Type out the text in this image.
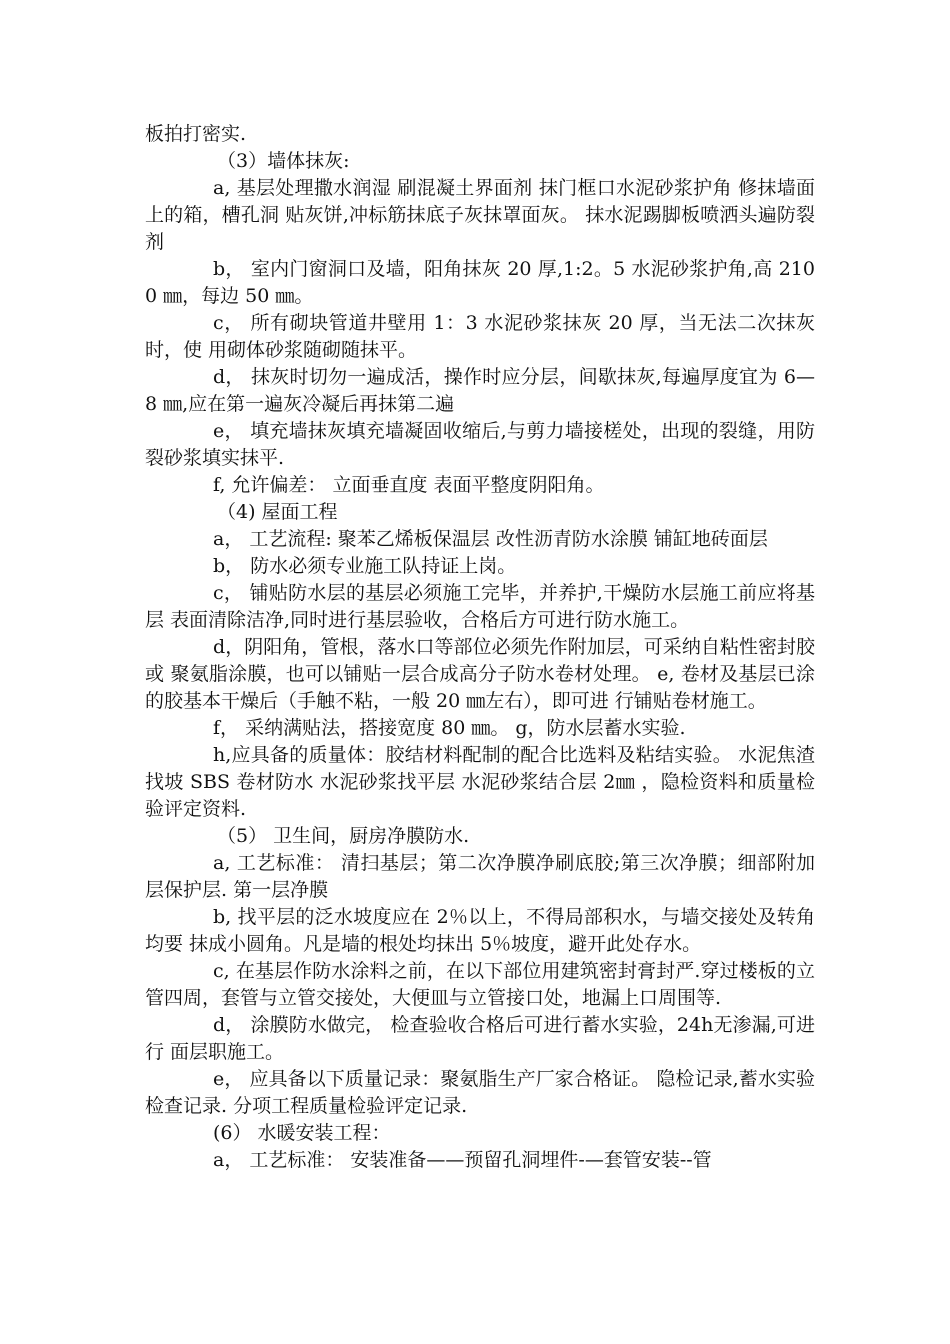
板拍打密实.

（3）墙体抹灰:

a, 基层处理撒水润湿 刷混凝土界面剂 抹门框口水泥砂浆护角 修抹墙面上的箱，槽孔洞 贴灰饼,冲标筋抹底子灰抹罩面灰。 抹水泥踢脚板喷洒头遍防裂剂

b， 室内门窗洞口及墙，阳角抹灰 20 厚,1:2。5 水泥砂浆护角,高 2100 ㎜，每边 50 ㎜。

c， 所有砌块管道井壁用 1：3 水泥砂浆抹灰 20 厚，当无法二次抹灰时，使 用砌体砂浆随砌随抹平。

d， 抹灰时切勿一遍成活，操作时应分层，间歇抹灰,每遍厚度宜为 6— 8 ㎜,应在第一遍灰冷凝后再抹第二遍

e， 填充墙抹灰填充墙凝固收缩后,与剪力墙接槎处，出现的裂缝，用防 裂砂浆填实抹平.

f, 允许偏差： 立面垂直度 表面平整度阴阳角。

（4) 屋面工程

a， 工艺流程: 聚苯乙烯板保温层 改性沥青防水涂膜 铺缸地砖面层

b， 防水必须专业施工队持证上岗。

c， 铺贴防水层的基层必须施工完毕，并养护,干燥防水层施工前应将基层 表面清除洁净,同时进行基层验收，合格后方可进行防水施工。

d，阴阳角，管根，落水口等部位必须先作附加层，可采纳自粘性密封胶或 聚氨脂涂膜，也可以铺贴一层合成高分子防水卷材处理。 e, 卷材及基层已涂的胶基本干燥后（手触不粘，一般 20 ㎜左右），即可进 行铺贴卷材施工。

f， 采纳满贴法，搭接宽度 80 ㎜。 g，防水层蓄水实验.

h,应具备的质量体：胶结材料配制的配合比选料及粘结实验。 水泥焦渣找坡 SBS 卷材防水 水泥砂浆找平层 水泥砂浆结合层 2㎜ ，隐检资料和质量检验评定资料.

（5） 卫生间，厨房净膜防水.

a, 工艺标准： 清扫基层；第二次净膜净刷底胶;第三次净膜；细部附加层保护层. 第一层净膜

b, 找平层的泛水坡度应在 2％以上，不得局部积水，与墙交接处及转角均要 抹成小圆角。凡是墙的根处均抹出 5％坡度，避开此处存水。

c, 在基层作防水涂料之前，在以下部位用建筑密封膏封严.穿过楼板的立 管四周，套管与立管交接处，大便皿与立管接口处，地漏上口周围等.

d， 涂膜防水做完， 检查验收合格后可进行蓄水实验，24h无渗漏,可进行 面层职施工。

e， 应具备以下质量记录：聚氨脂生产厂家合格证。 隐检记录,蓄水实验检查记录. 分项工程质量检验评定记录.

(6） 水暖安装工程：

a， 工艺标准： 安装准备——预留孔洞埋件-—套管安装--管
